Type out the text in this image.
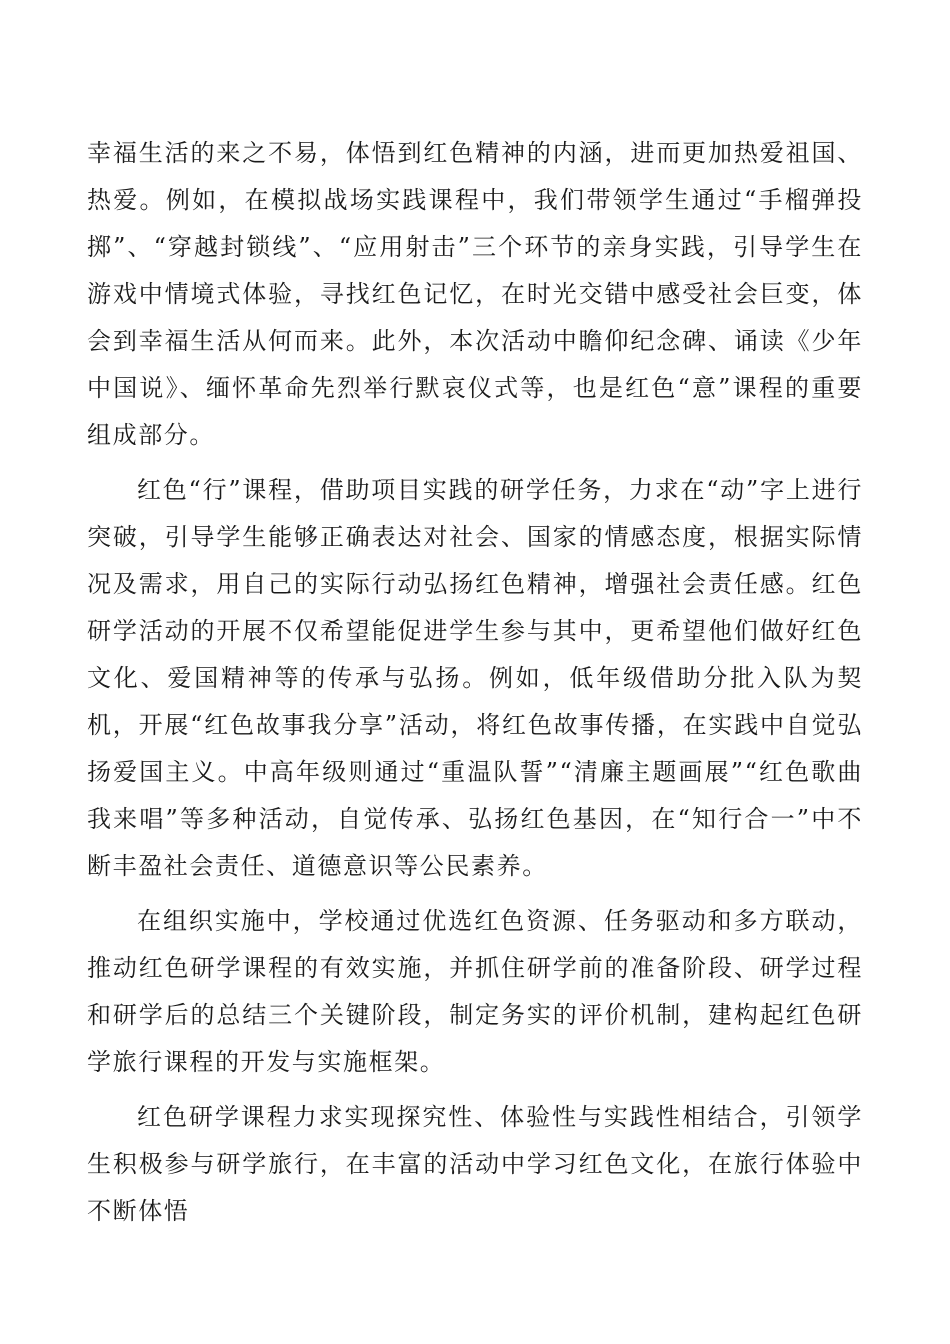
幸福生活的来之不易，体悟到红色精神的内涵，进而更加热爱祖国、热爱。例如，在模拟战场实践课程中，我们带领学生通过“手榴弹投掷”、“穿越封锁线”、“应用射击”三个环节的亲身实践，引导学生在游戏中情境式体验，寻找红色记忆，在时光交错中感受社会巨变，体会到幸福生活从何而来。此外，本次活动中瞻仰纪念碑、诵读《少年中国说》、缅怀革命先烈举行默哀仪式等，也是红色“意”课程的重要组成部分。

红色“行”课程，借助项目实践的研学任务，力求在“动”字上进行突破，引导学生能够正确表达对社会、国家的情感态度，根据实际情况及需求，用自己的实际行动弘扬红色精神，增强社会责任感。红色研学活动的开展不仅希望能促进学生参与其中，更希望他们做好红色文化、爱国精神等的传承与弘扬。例如，低年级借助分批入队为契机，开展“红色故事我分享”活动，将红色故事传播，在实践中自觉弘扬爱国主义。中高年级则通过“重温队誓”“清廉主题画展”“红色歌曲我来唱”等多种活动，自觉传承、弘扬红色基因，在“知行合一”中不断丰盈社会责任、道德意识等公民素养。

在组织实施中，学校通过优选红色资源、任务驱动和多方联动，推动红色研学课程的有效实施，并抓住研学前的准备阶段、研学过程和研学后的总结三个关键阶段，制定务实的评价机制，建构起红色研学旅行课程的开发与实施框架。

红色研学课程力求实现探究性、体验性与实践性相结合，引领学生积极参与研学旅行，在丰富的活动中学习红色文化，在旅行体验中不断体悟
